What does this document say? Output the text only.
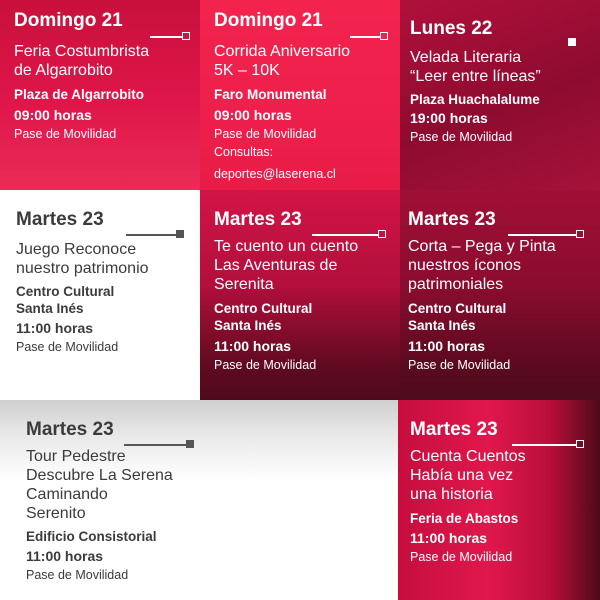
Domingo 21
Feria Costumbrista
de Algarrobito
Plaza de Algarrobito
09:00 horas
Pase de Movilidad
Domingo 21
Corrida Aniversario
5K – 10K
Faro Monumental
09:00 horas
Pase de Movilidad
Consultas:
deportes@laserena.cl
Lunes 22
Velada Literaria
“Leer entre líneas”
Plaza Huachalalume
19:00 horas
Pase de Movilidad
Martes 23
Juego Reconoce
nuestro patrimonio
Centro Cultural
Santa Inés
11:00 horas
Pase de Movilidad
Martes 23
Te cuento un cuento
Las Aventuras de
Serenita
Centro Cultural
Santa Inés
11:00 horas
Pase de Movilidad
Martes 23
Corta – Pega y Pinta
nuestros íconos
patrimoniales
Centro Cultural
Santa Inés
11:00 horas
Pase de Movilidad
Martes 23
Tour Pedestre
Descubre La Serena
Caminando
Serenito
Edificio Consistorial
11:00 horas
Pase de Movilidad
Martes 23
Cuenta Cuentos
Había una vez
una historia
Feria de Abastos
11:00 horas
Pase de Movilidad
